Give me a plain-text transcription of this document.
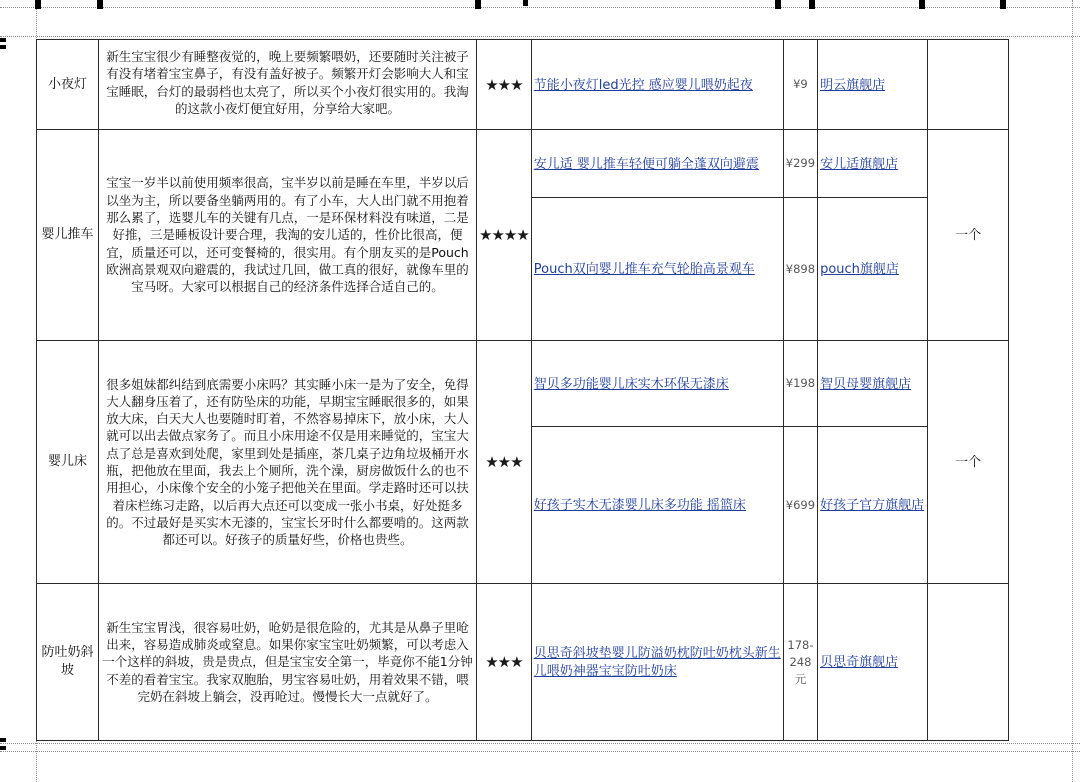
小夜灯	新生宝宝很少有睡整夜觉的，晚上要频繁喂奶，还要随时关注被子有没有堵着宝宝鼻子，有没有盖好被子。频繁开灯会影响大人和宝宝睡眠，台灯的最弱档也太亮了，所以买个小夜灯很实用的。我淘的这款小夜灯便宜好用，分享给大家吧。	★★★	节能小夜灯led光控 感应婴儿喂奶起夜	¥9	明云旗舰店	
婴儿推车	宝宝一岁半以前使用频率很高，宝半岁以前是睡在车里，半岁以后以坐为主，所以要备坐躺两用的。有了小车，大人出门就不用抱着那么累了，选婴儿车的关键有几点，一是环保材料没有味道，二是好推，三是睡板设计要合理，我淘的安儿适的，性价比很高，便宜，质量还可以，还可变餐椅的，很实用。有个朋友买的是Pouch欧洲高景观双向避震的，我试过几回，做工真的很好，就像车里的宝马呀。大家可以根据自己的经济条件选择合适自己的。	★★★★	安儿适 婴儿推车轻便可躺全蓬双向避震	¥299	安儿适旗舰店	一个
			Pouch双向婴儿推车充气轮胎高景观车	¥898	pouch旗舰店	
婴儿床	很多姐妹都纠结到底需要小床吗？其实睡小床一是为了安全，免得大人翻身压着了，还有防坠床的功能，早期宝宝睡眠很多的，如果放大床，白天大人也要随时盯着，不然容易掉床下，放小床，大人就可以出去做点家务了。而且小床用途不仅是用来睡觉的，宝宝大点了总是喜欢到处爬，家里到处是插座，茶几桌子边角垃圾桶开水瓶，把他放在里面，我去上个厕所，洗个澡，厨房做饭什么的也不用担心，小床像个安全的小笼子把他关在里面。学走路时还可以扶着床栏练习走路，以后再大点还可以变成一张小书桌，好处挺多的。不过最好是买实木无漆的，宝宝长牙时什么都要啃的。这两款都还可以。好孩子的质量好些，价格也贵些。	★★★	智贝多功能婴儿床实木环保无漆床	¥198	智贝母婴旗舰店	一个
			好孩子实木无漆婴儿床多功能 摇篮床	¥699	好孩子官方旗舰店	
防吐奶斜坡	新生宝宝胃浅，很容易吐奶，呛奶是很危险的，尤其是从鼻子里呛出来，容易造成肺炎或窒息。如果你家宝宝吐奶频繁，可以考虑入一个这样的斜坡，贵是贵点，但是宝宝安全第一，毕竟你不能1分钟不差的看着宝宝。我家双胞胎，男宝容易吐奶，用着效果不错，喂完奶在斜坡上躺会，没再呛过。慢慢长大一点就好了。	★★★	贝思奇斜坡垫婴儿防溢奶枕防吐奶枕头新生儿喂奶神器宝宝防吐奶床	178-248元	贝思奇旗舰店	
